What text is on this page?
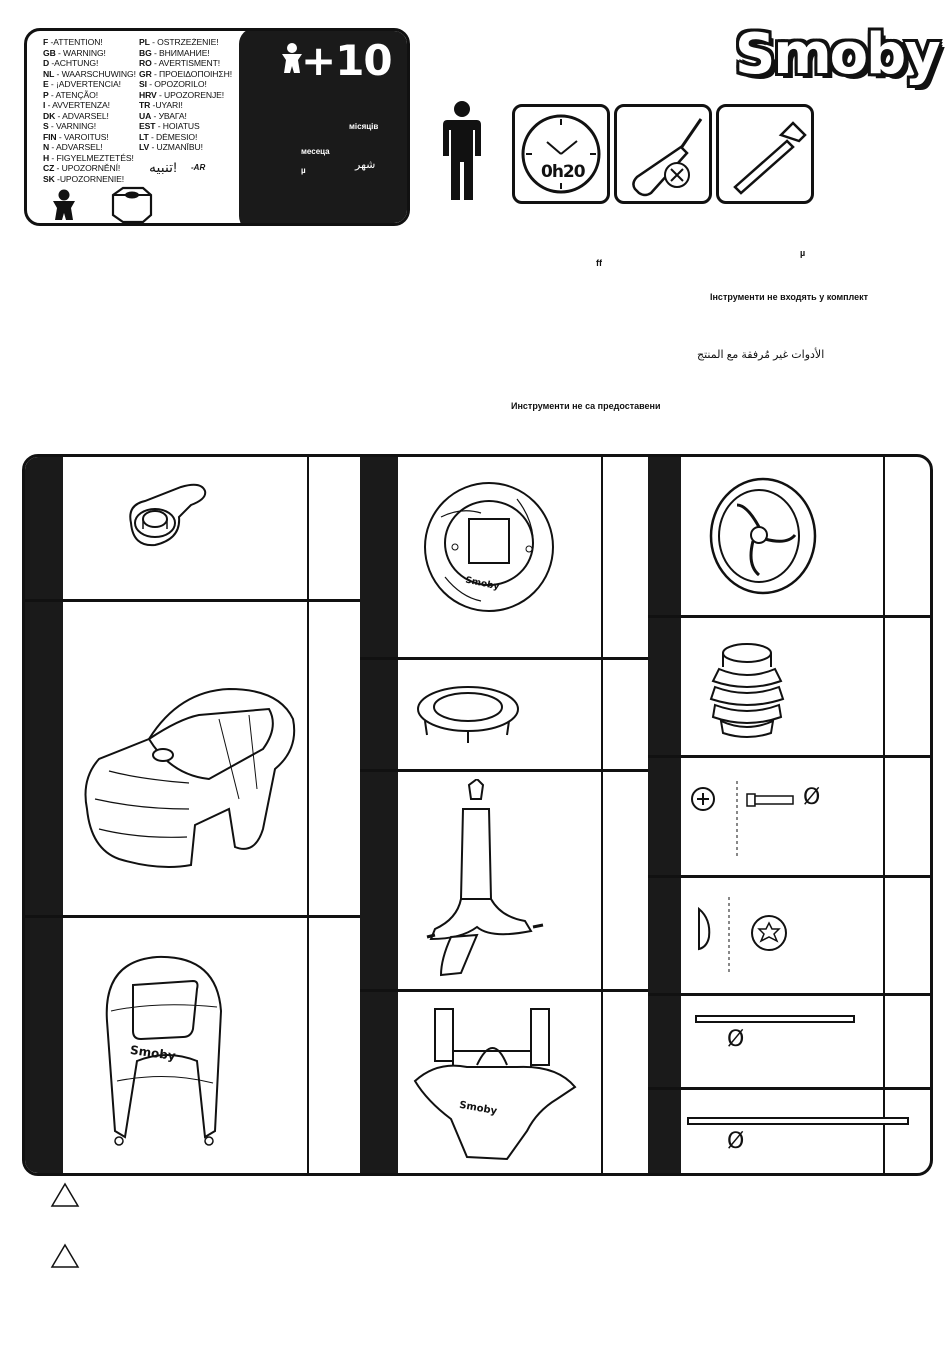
F -ATTENTION!
GB - WARNING!
D -ACHTUNG!
NL - WAARSCHUWING!
E - ¡ADVERTENCIA!
P - ATENÇÃO!
I - AVVERTENZA!
DK - ADVARSEL!
S - VARNING!
FIN - VAROITUS!
N - ADVARSEL!
H - FIGYELMEZTETÉS!
CZ - UPOZORNĚNÍ!
SK -UPOZORNENIE!
PL - OSTRZEŻENIE!
BG - ВНИМАНИЕ!
RO - AVERTISMENT!
GR - ΠΡΟΕΙΔΟΠΟΙΗΣΗ!
SI - OPOZORILO!
HRV - UPOZORENJE!
TR -UYARI!
UA - УВАГА!
EST - HOIATUS
LT - DĖMESIO!
LV - UZMANĪBU!
تنبيه! -AR
+10
місяців
месеца
شهر
µ
Smoby
0h20
µ
ff
Інструменти не входять у комплект
الأدوات غير مُرفقة مع المنتج
Инструменти не са предоставени
Smoby
Smoby
Smoby
Ø
Ø
Ø
